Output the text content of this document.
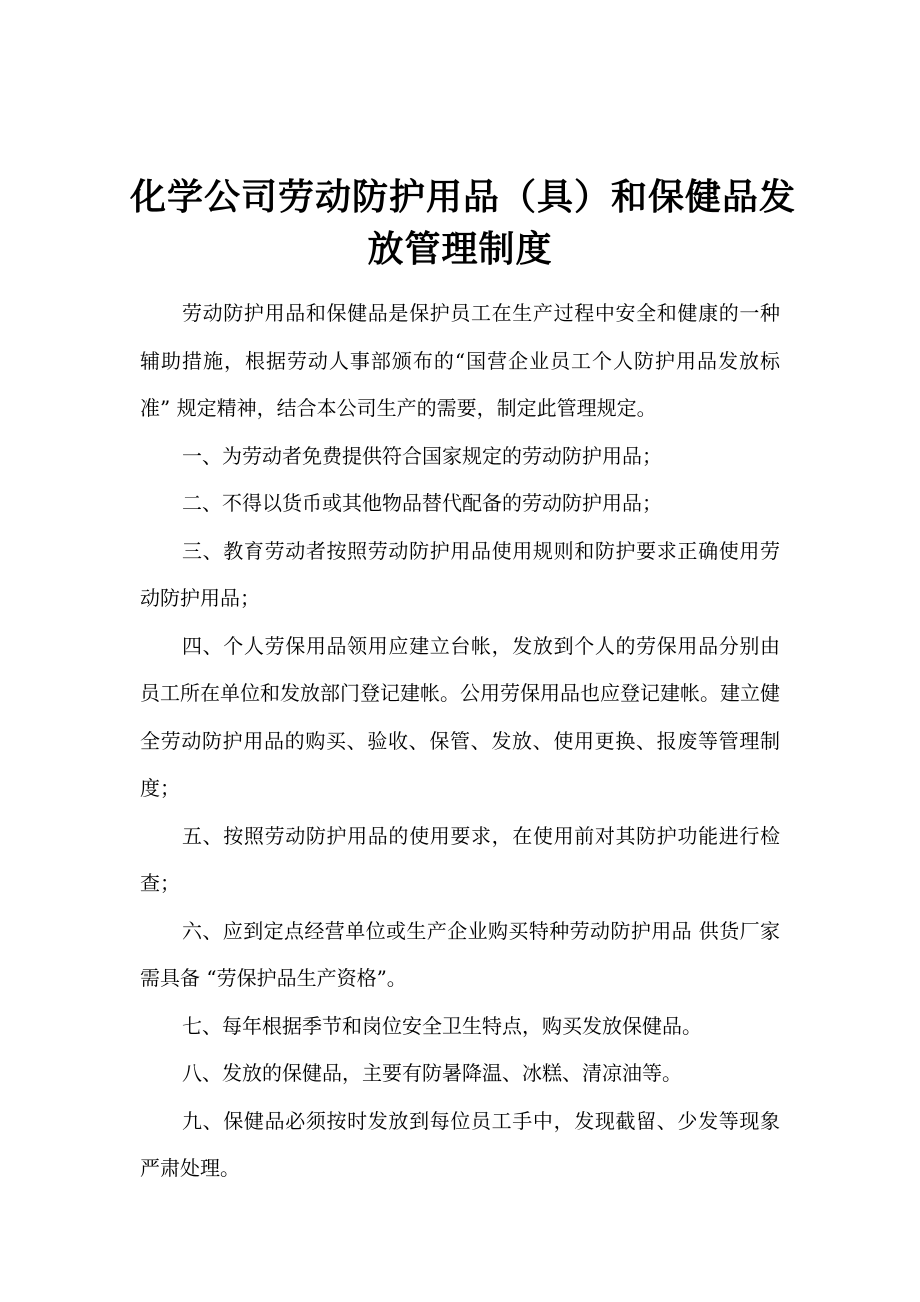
化学公司劳动防护用品（具）和保健品发
放管理制度

劳动防护用品和保健品是保护员工在生产过程中安全和健康的一种辅助措施，根据劳动人事部颁布的“国营企业员工个人防护用品发放标准” 规定精神，结合本公司生产的需要，制定此管理规定。

一、为劳动者免费提供符合国家规定的劳动防护用品；

二、不得以货币或其他物品替代配备的劳动防护用品；

三、教育劳动者按照劳动防护用品使用规则和防护要求正确使用劳动防护用品；

四、个人劳保用品领用应建立台帐，发放到个人的劳保用品分别由员工所在单位和发放部门登记建帐。公用劳保用品也应登记建帐。建立健全劳动防护用品的购买、验收、保管、发放、使用更换、报废等管理制度；

五、按照劳动防护用品的使用要求，在使用前对其防护功能进行检查；

六、应到定点经营单位或生产企业购买特种劳动防护用品 供货厂家需具备 “劳保护品生产资格”。

七、每年根据季节和岗位安全卫生特点，购买发放保健品。

八、发放的保健品，主要有防暑降温、冰糕、清凉油等。

九、保健品必须按时发放到每位员工手中，发现截留、少发等现象严肃处理。
